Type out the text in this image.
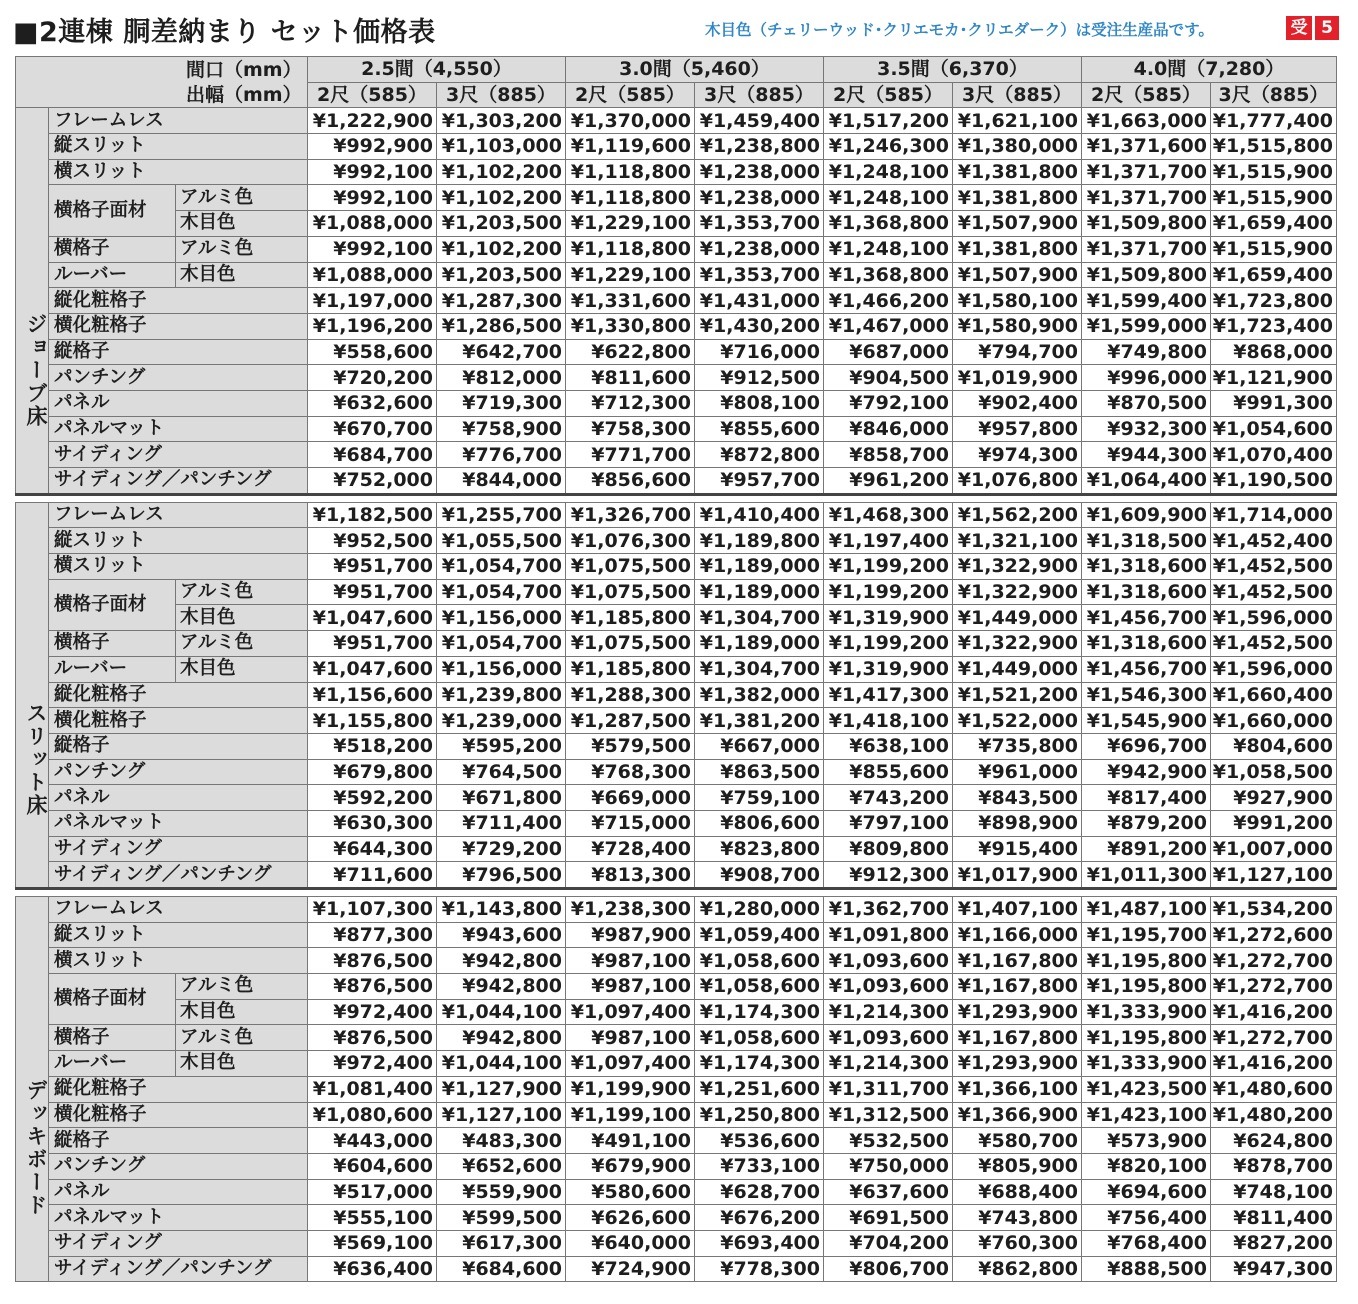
■2連棟 胴差納まり セット価格表	木目色（チェリーウッド･クリエモカ･クリエダーク）は受注生産品です。	受 5
間口（mm）			2.5間（4,550）		3.0間（5,460）		3.5間（6,370）		4.0間（7,280）	

出幅（mm）			2尺（585）	3尺（885）	2尺（585）	3尺（885）	2尺（585）	3尺（885）	2尺（585）	3尺（885）
ジョーブ床	フレームレス		¥1,222,900	¥1,303,200	¥1,370,000	¥1,459,400	¥1,517,200	¥1,621,100	¥1,663,000	¥1,777,400
	縦スリット		¥992,900	¥1,103,000	¥1,119,600	¥1,238,800	¥1,246,300	¥1,380,000	¥1,371,600	¥1,515,800
	横スリット		¥992,100	¥1,102,200	¥1,118,800	¥1,238,000	¥1,248,100	¥1,381,800	¥1,371,700	¥1,515,900
	横格子面材	アルミ色	¥992,100	¥1,102,200	¥1,118,800	¥1,238,000	¥1,248,100	¥1,381,800	¥1,371,700	¥1,515,900
		木目色	¥1,088,000	¥1,203,500	¥1,229,100	¥1,353,700	¥1,368,800	¥1,507,900	¥1,509,800	¥1,659,400
	横格子	アルミ色	¥992,100	¥1,102,200	¥1,118,800	¥1,238,000	¥1,248,100	¥1,381,800	¥1,371,700	¥1,515,900
	ルーバー	木目色	¥1,088,000	¥1,203,500	¥1,229,100	¥1,353,700	¥1,368,800	¥1,507,900	¥1,509,800	¥1,659,400
	縦化粧格子		¥1,197,000	¥1,287,300	¥1,331,600	¥1,431,000	¥1,466,200	¥1,580,100	¥1,599,400	¥1,723,800
	横化粧格子		¥1,196,200	¥1,286,500	¥1,330,800	¥1,430,200	¥1,467,000	¥1,580,900	¥1,599,000	¥1,723,400
	縦格子		¥558,600	¥642,700	¥622,800	¥716,000	¥687,000	¥794,700	¥749,800	¥868,000
	パンチング		¥720,200	¥812,000	¥811,600	¥912,500	¥904,500	¥1,019,900	¥996,000	¥1,121,900
	パネル		¥632,600	¥719,300	¥712,300	¥808,100	¥792,100	¥902,400	¥870,500	¥991,300
	パネルマット		¥670,700	¥758,900	¥758,300	¥855,600	¥846,000	¥957,800	¥932,300	¥1,054,600
	サイディング		¥684,700	¥776,700	¥771,700	¥872,800	¥858,700	¥974,300	¥944,300	¥1,070,400
	サイディング／パンチング		¥752,000	¥844,000	¥856,600	¥957,700	¥961,200	¥1,076,800	¥1,064,400	¥1,190,500

スリット床	フレームレス		¥1,182,500	¥1,255,700	¥1,326,700	¥1,410,400	¥1,468,300	¥1,562,200	¥1,609,900	¥1,714,000
	縦スリット		¥952,500	¥1,055,500	¥1,076,300	¥1,189,800	¥1,197,400	¥1,321,100	¥1,318,500	¥1,452,400
	横スリット		¥951,700	¥1,054,700	¥1,075,500	¥1,189,000	¥1,199,200	¥1,322,900	¥1,318,600	¥1,452,500
	横格子面材	アルミ色	¥951,700	¥1,054,700	¥1,075,500	¥1,189,000	¥1,199,200	¥1,322,900	¥1,318,600	¥1,452,500
		木目色	¥1,047,600	¥1,156,000	¥1,185,800	¥1,304,700	¥1,319,900	¥1,449,000	¥1,456,700	¥1,596,000
	横格子	アルミ色	¥951,700	¥1,054,700	¥1,075,500	¥1,189,000	¥1,199,200	¥1,322,900	¥1,318,600	¥1,452,500
	ルーバー	木目色	¥1,047,600	¥1,156,000	¥1,185,800	¥1,304,700	¥1,319,900	¥1,449,000	¥1,456,700	¥1,596,000
	縦化粧格子		¥1,156,600	¥1,239,800	¥1,288,300	¥1,382,000	¥1,417,300	¥1,521,200	¥1,546,300	¥1,660,400
	横化粧格子		¥1,155,800	¥1,239,000	¥1,287,500	¥1,381,200	¥1,418,100	¥1,522,000	¥1,545,900	¥1,660,000
	縦格子		¥518,200	¥595,200	¥579,500	¥667,000	¥638,100	¥735,800	¥696,700	¥804,600
	パンチング		¥679,800	¥764,500	¥768,300	¥863,500	¥855,600	¥961,000	¥942,900	¥1,058,500
	パネル		¥592,200	¥671,800	¥669,000	¥759,100	¥743,200	¥843,500	¥817,400	¥927,900
	パネルマット		¥630,300	¥711,400	¥715,000	¥806,600	¥797,100	¥898,900	¥879,200	¥991,200
	サイディング		¥644,300	¥729,200	¥728,400	¥823,800	¥809,800	¥915,400	¥891,200	¥1,007,000
	サイディング／パンチング		¥711,600	¥796,500	¥813,300	¥908,700	¥912,300	¥1,017,900	¥1,011,300	¥1,127,100

デッキボード	フレームレス		¥1,107,300	¥1,143,800	¥1,238,300	¥1,280,000	¥1,362,700	¥1,407,100	¥1,487,100	¥1,534,200
	縦スリット		¥877,300	¥943,600	¥987,900	¥1,059,400	¥1,091,800	¥1,166,000	¥1,195,700	¥1,272,600
	横スリット		¥876,500	¥942,800	¥987,100	¥1,058,600	¥1,093,600	¥1,167,800	¥1,195,800	¥1,272,700
	横格子面材	アルミ色	¥876,500	¥942,800	¥987,100	¥1,058,600	¥1,093,600	¥1,167,800	¥1,195,800	¥1,272,700
		木目色	¥972,400	¥1,044,100	¥1,097,400	¥1,174,300	¥1,214,300	¥1,293,900	¥1,333,900	¥1,416,200
	横格子	アルミ色	¥876,500	¥942,800	¥987,100	¥1,058,600	¥1,093,600	¥1,167,800	¥1,195,800	¥1,272,700
	ルーバー	木目色	¥972,400	¥1,044,100	¥1,097,400	¥1,174,300	¥1,214,300	¥1,293,900	¥1,333,900	¥1,416,200
	縦化粧格子		¥1,081,400	¥1,127,900	¥1,199,900	¥1,251,600	¥1,311,700	¥1,366,100	¥1,423,500	¥1,480,600
	横化粧格子		¥1,080,600	¥1,127,100	¥1,199,100	¥1,250,800	¥1,312,500	¥1,366,900	¥1,423,100	¥1,480,200
	縦格子		¥443,000	¥483,300	¥491,100	¥536,600	¥532,500	¥580,700	¥573,900	¥624,800
	パンチング		¥604,600	¥652,600	¥679,900	¥733,100	¥750,000	¥805,900	¥820,100	¥878,700
	パネル		¥517,000	¥559,900	¥580,600	¥628,700	¥637,600	¥688,400	¥694,600	¥748,100
	パネルマット		¥555,100	¥599,500	¥626,600	¥676,200	¥691,500	¥743,800	¥756,400	¥811,400
	サイディング		¥569,100	¥617,300	¥640,000	¥693,400	¥704,200	¥760,300	¥768,400	¥827,200
	サイディング／パンチング		¥636,400	¥684,600	¥724,900	¥778,300	¥806,700	¥862,800	¥888,500	¥947,300
